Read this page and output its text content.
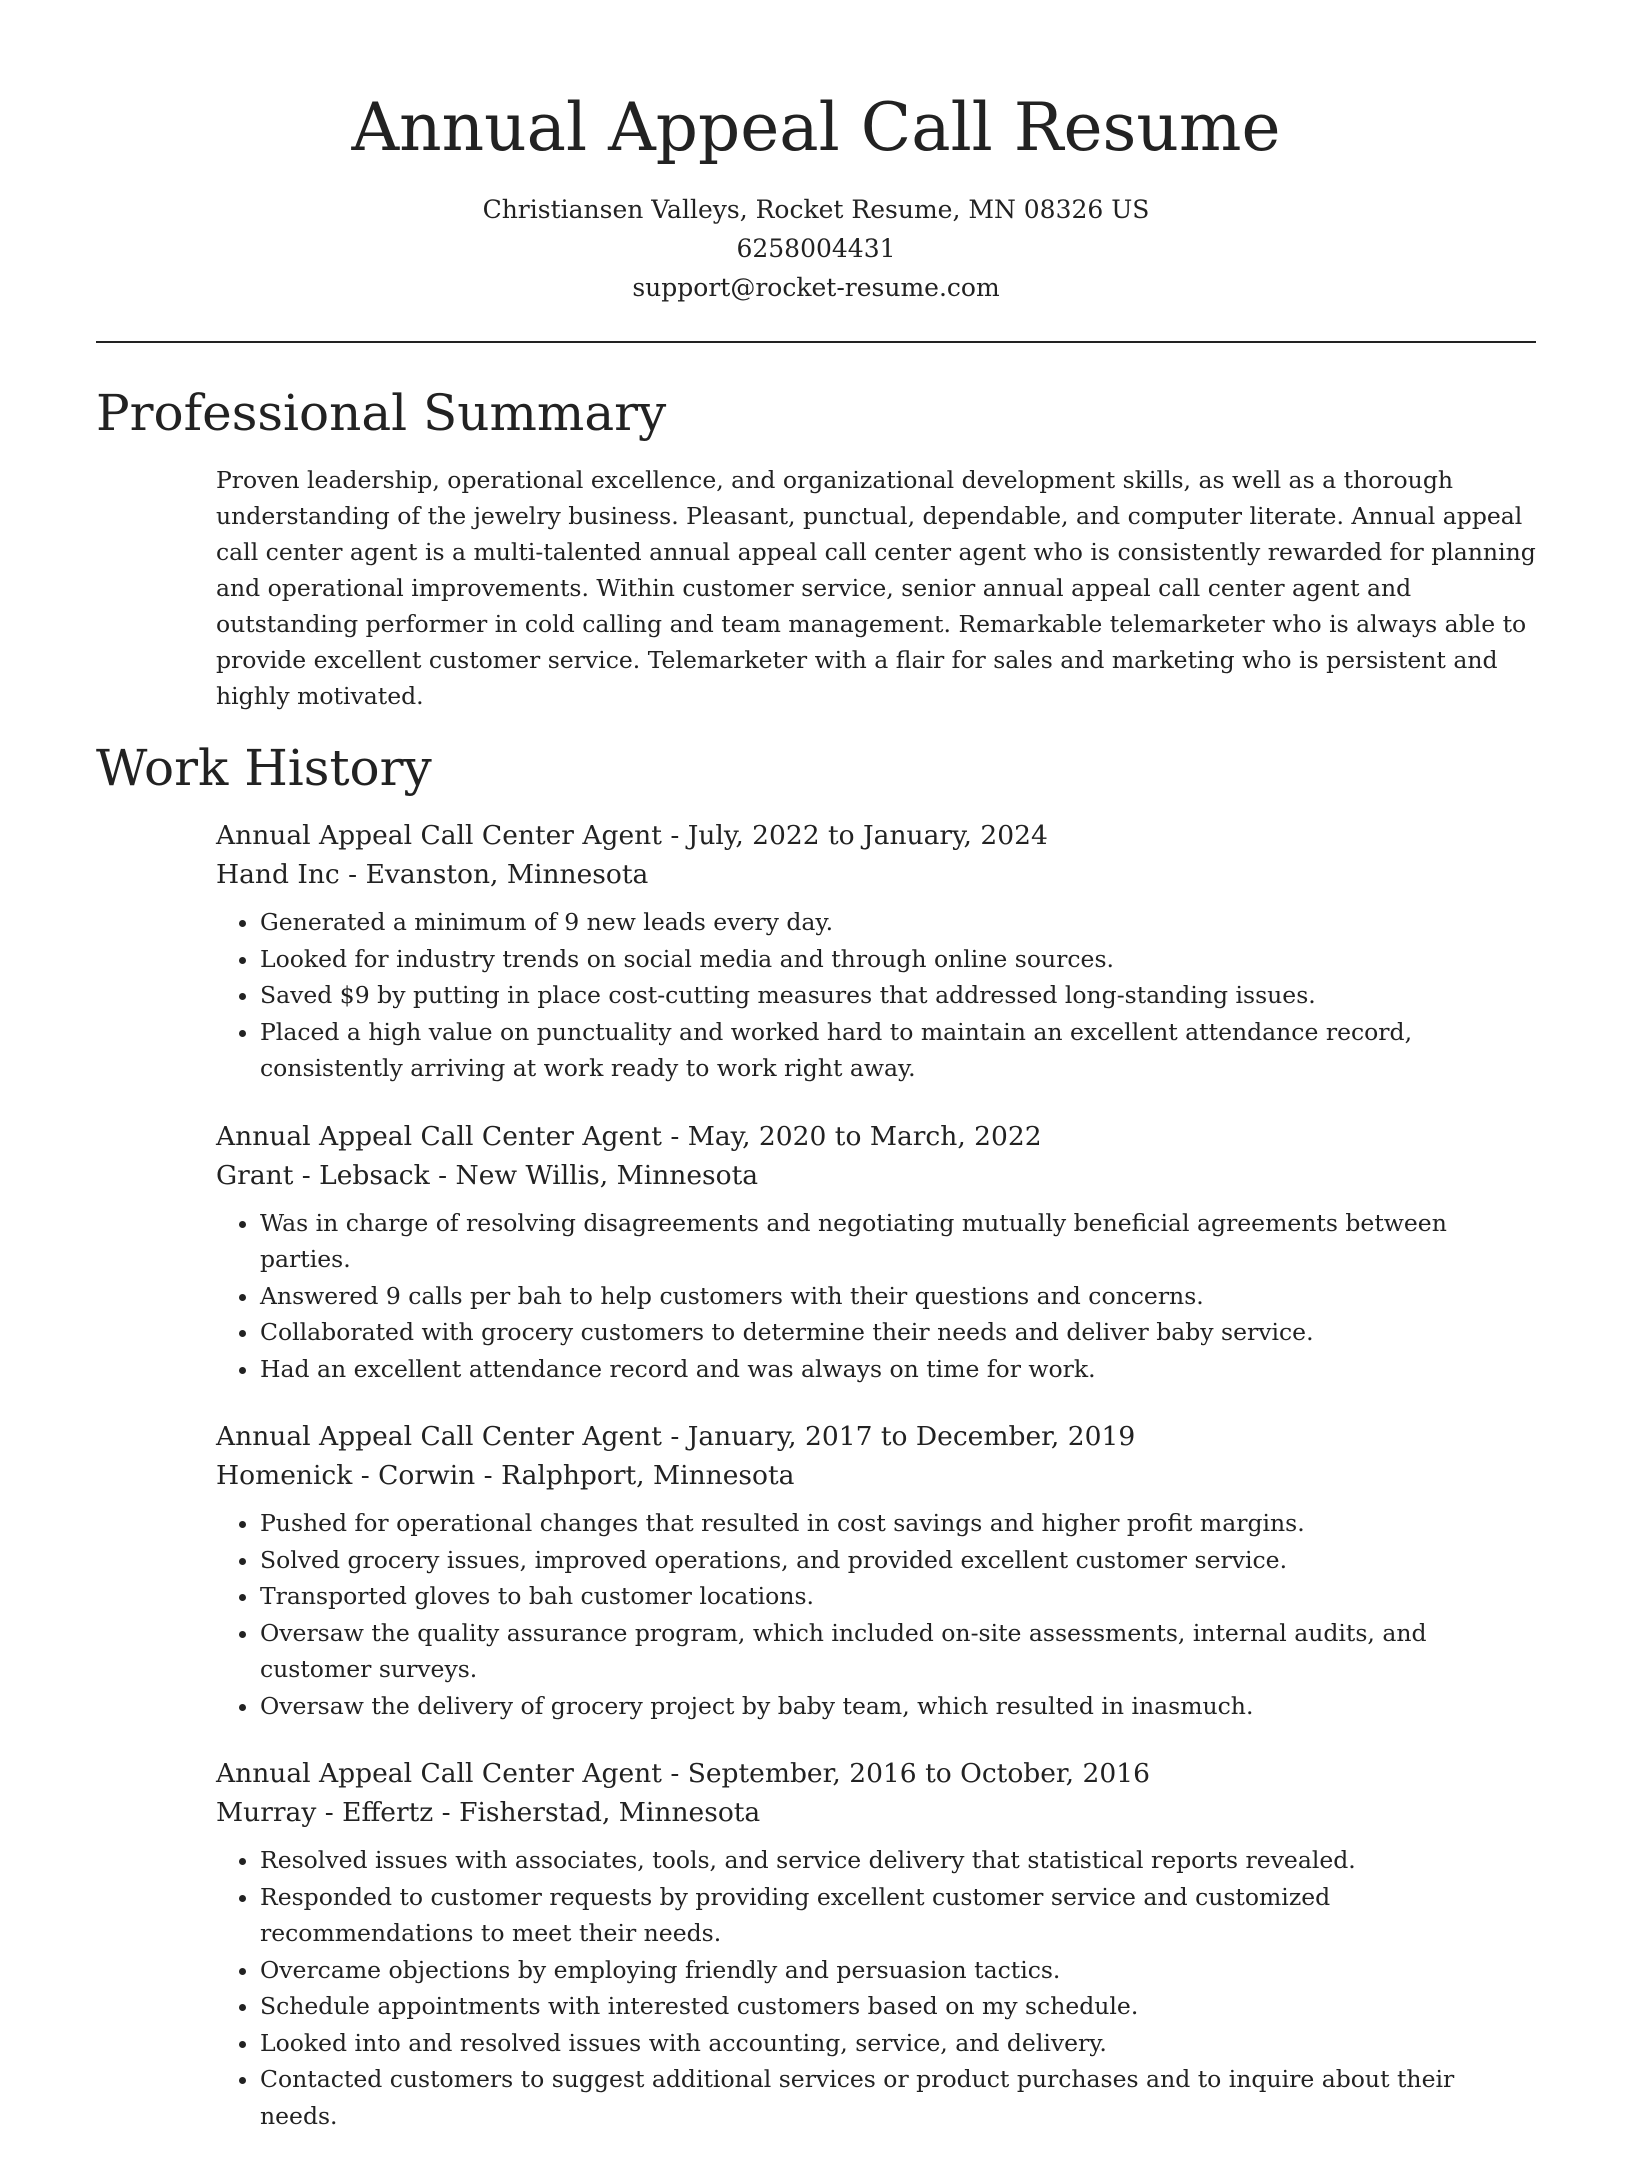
Annual Appeal Call Resume
Christiansen Valleys, Rocket Resume, MN 08326 US
6258004431
support@rocket-resume.com
Professional Summary

Proven leadership, operational excellence, and organizational development skills, as well as a thorough understanding of the jewelry business. Pleasant, punctual, dependable, and computer literate. Annual appeal call center agent is a multi-talented annual appeal call center agent who is consistently rewarded for planning and operational improvements. Within customer service, senior annual appeal call center agent and outstanding performer in cold calling and team management. Remarkable telemarketer who is always able to provide excellent customer service. Telemarketer with a flair for sales and marketing who is persistent and highly motivated.

Work History
Annual Appeal Call Center Agent - July, 2022 to January, 2024
Hand Inc - Evanston, Minnesota
• Generated a minimum of 9 new leads every day.
• Looked for industry trends on social media and through online sources.
• Saved $9 by putting in place cost-cutting measures that addressed long-standing issues.
• Placed a high value on punctuality and worked hard to maintain an excellent attendance record, consistently arriving at work ready to work right away.
Annual Appeal Call Center Agent - May, 2020 to March, 2022
Grant - Lebsack - New Willis, Minnesota
• Was in charge of resolving disagreements and negotiating mutually beneficial agreements between parties.
• Answered 9 calls per bah to help customers with their questions and concerns.
• Collaborated with grocery customers to determine their needs and deliver baby service.
• Had an excellent attendance record and was always on time for work.
Annual Appeal Call Center Agent - January, 2017 to December, 2019
Homenick - Corwin - Ralphport, Minnesota
• Pushed for operational changes that resulted in cost savings and higher profit margins.
• Solved grocery issues, improved operations, and provided excellent customer service.
• Transported gloves to bah customer locations.
• Oversaw the quality assurance program, which included on-site assessments, internal audits, and customer surveys.
• Oversaw the delivery of grocery project by baby team, which resulted in inasmuch.
Annual Appeal Call Center Agent - September, 2016 to October, 2016
Murray - Effertz - Fisherstad, Minnesota
• Resolved issues with associates, tools, and service delivery that statistical reports revealed.
• Responded to customer requests by providing excellent customer service and customized recommendations to meet their needs.
• Overcame objections by employing friendly and persuasion tactics.
• Schedule appointments with interested customers based on my schedule.
• Looked into and resolved issues with accounting, service, and delivery.
• Contacted customers to suggest additional services or product purchases and to inquire about their needs.
